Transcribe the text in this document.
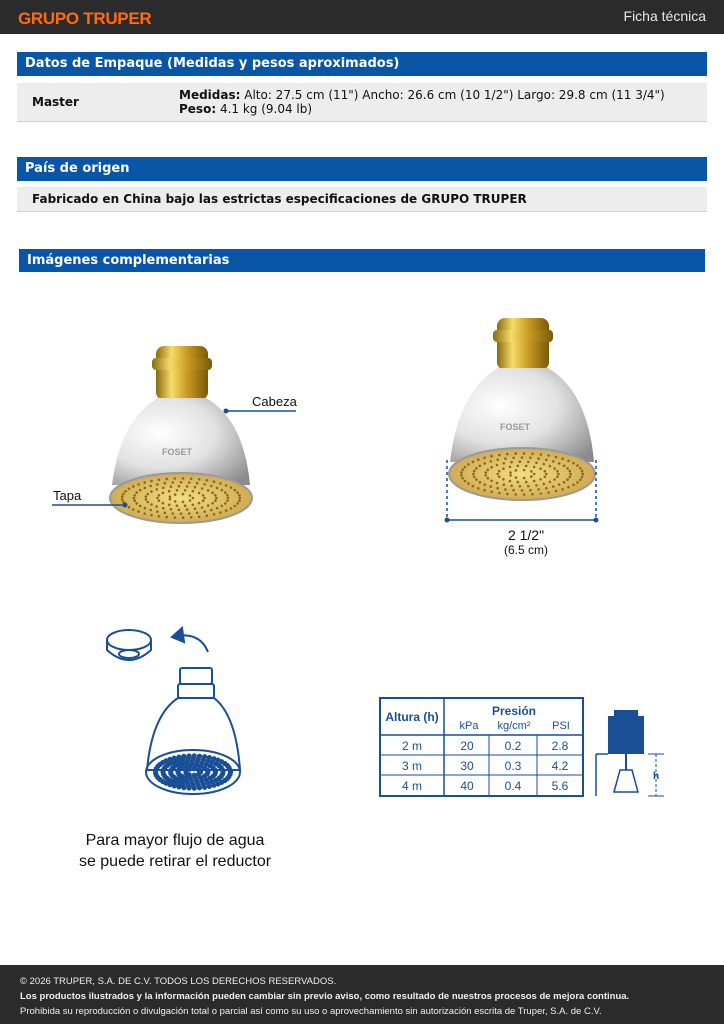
GRUPO TRUPER	Ficha técnica
Datos de Empaque (Medidas y pesos aproximados)
Master	Medidas: Alto: 27.5 cm (11") Ancho: 26.6 cm (10 1/2") Largo: 29.8 cm (11 3/4") Peso: 4.1 kg (9.04 lb)
País de origen
Fabricado en China bajo las estrictas especificaciones de GRUPO TRUPER
Imágenes complementarias
FOSET
Cabeza
Tapa
FOSET
2 1/2"
(6.5 cm)
Para mayor flujo de agua
se puede retirar el reductor
Altura (h)	Presión
kPa kg/cm² PSI
2 m	20	0.2	2.8
3 m	30	0.3	4.2
4 m	40	0.4	5.6
h
© 2026 TRUPER, S.A. DE C.V. TODOS LOS DERECHOS RESERVADOS.
Los productos ilustrados y la información pueden cambiar sin previo aviso, como resultado de nuestros procesos de mejora continua.
Prohibida su reproducción o divulgación total o parcial así como su uso o aprovechamiento sin autorización escrita de Truper, S.A. de C.V.
